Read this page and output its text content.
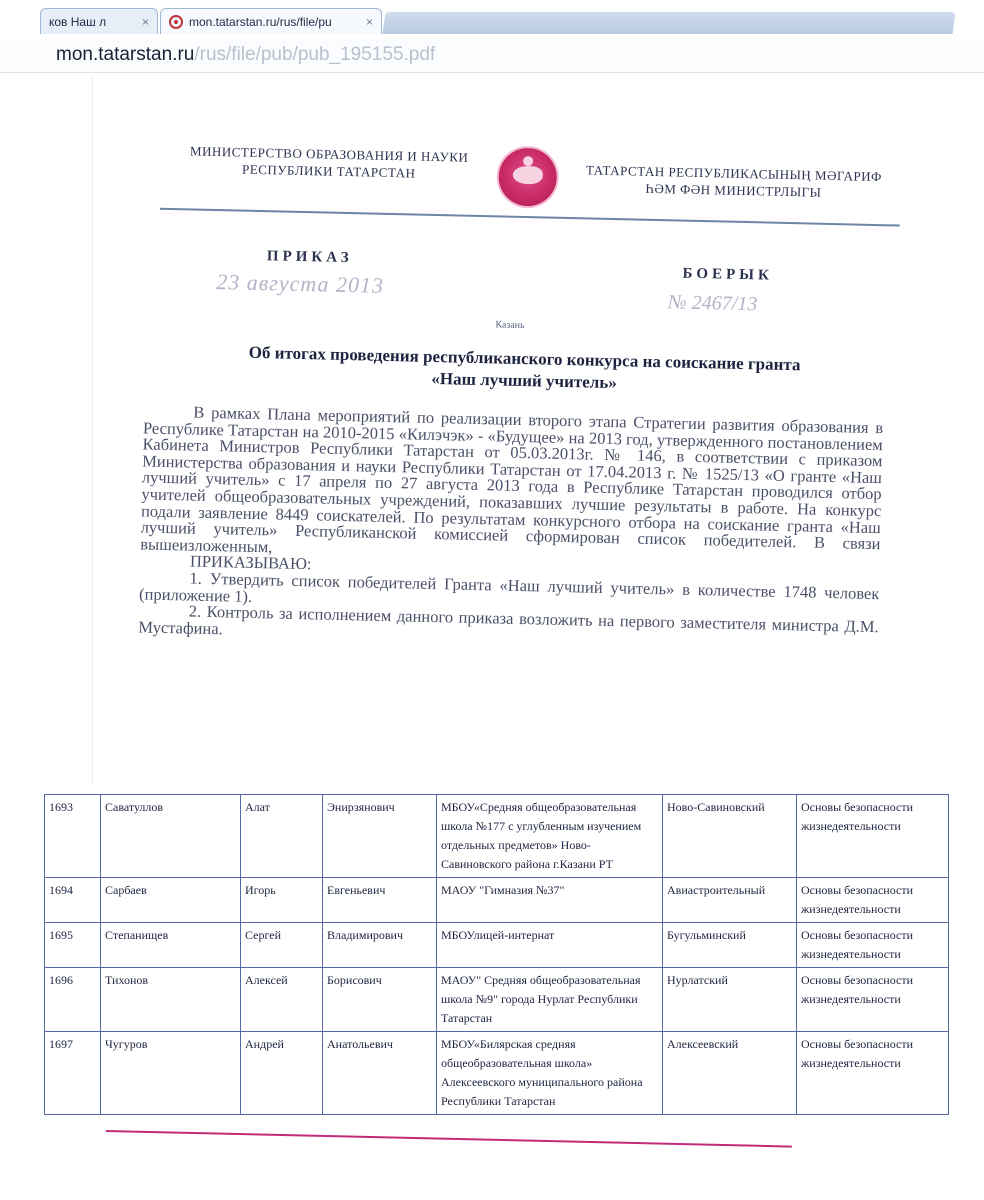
ков Наш л	×	mon.tatarstan.ru/rus/file/pu	×
mon.tatarstan.ru/rus/file/pub/pub_195155.pdf
МИНИСТЕРСТВО ОБРАЗОВАНИЯ И НАУКИ РЕСПУБЛИКИ ТАТАРСТАН	ТАТАРСТАН РЕСПУБЛИКАСЫНЫҢ МӘГАРИФ ҺӘМ ФӘН МИНИСТРЛЫГЫ
ПРИКАЗ
23 августа 2013	БОЕРЫК
№ 2467/13
Казань
Об итогах проведения республиканского конкурса на соискание гранта
«Наш лучший учитель»

В рамках Плана мероприятий по реализации второго этапа Стратегии развития образования в Республике Татарстан на 2010-2015 «Килэчэк» - «Будущее» на 2013 год, утвержденного постановлением Кабинета Министров Республики Татарстан от 05.03.2013г. № 146, в соответствии с приказом Министерства образования и науки Республики Татарстан от 17.04.2013 г. № 1525/13 «О гранте «Наш лучший учитель» с 17 апреля по 27 августа 2013 года в Республике Татарстан проводился отбор учителей общеобразовательных учреждений, показавших лучшие результаты в работе. На конкурс подали заявление 8449 соискателей. По результатам конкурсного отбора на соискание гранта «Наш лучший учитель» Республиканской комиссией сформирован список победителей. В связи вышеизложенным,

ПРИКАЗЫВАЮ:

1. Утвердить список победителей Гранта «Наш лучший учитель» в количестве 1748 человек (приложение 1).

2. Контроль за исполнением данного приказа возложить на первого заместителя министра Д.М. Мустафина.

1693	Саватуллов	Алат	Энирзянович	МБОУ«Средняя общеобразовательная школа №177 с углубленным изучением отдельных предметов» Ново-Савиновского района г.Казани РТ	Ново-Савиновский	Основы безопасности жизнедеятельности
1694	Сарбаев	Игорь	Евгеньевич	МАОУ "Гимназия №37"	Авиастроительный	Основы безопасности жизнедеятельности
1695	Степанищев	Сергей	Владимирович	МБОУлицей-интернат	Бугульминский	Основы безопасности жизнедеятельности
1696	Тихонов	Алексей	Борисович	МАОУ" Средняя общеобразовательная школа №9" города Нурлат Республики Татарстан	Нурлатский	Основы безопасности жизнедеятельности
1697	Чугуров	Андрей	Анатольевич	МБОУ«Билярская средняя общеобразовательная школа» Алексеевского муниципального района Республики Татарстан	Алексеевский	Основы безопасности жизнедеятельности
